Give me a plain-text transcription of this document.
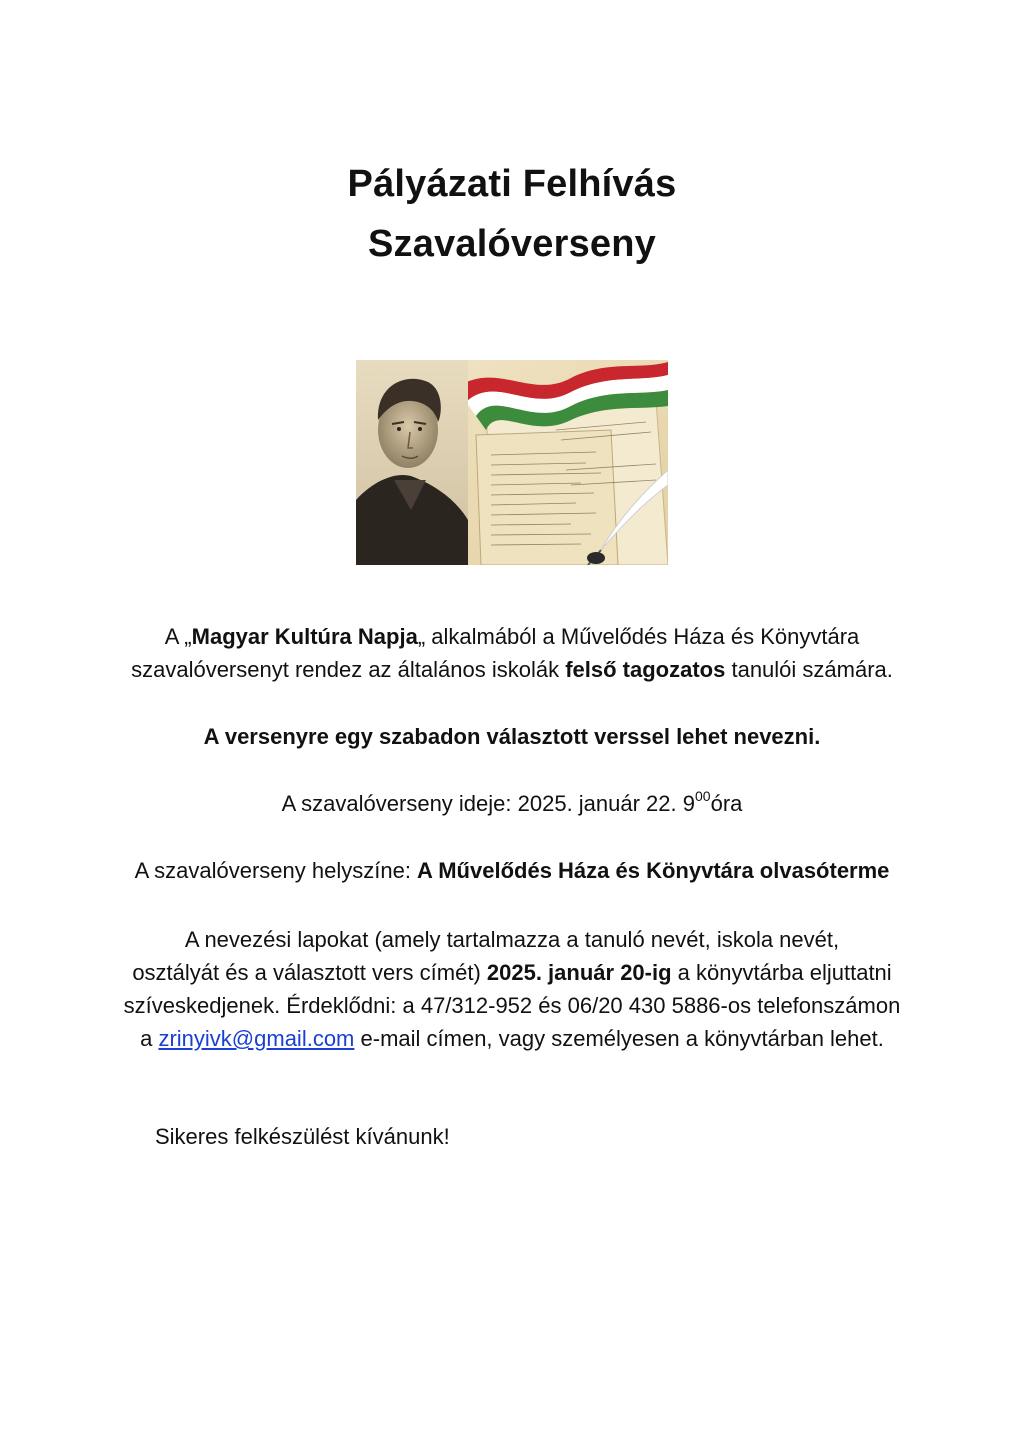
Pályázati Felhívás
Szavalóverseny

A „Magyar Kultúra Napja„ alkalmából a Művelődés Háza és Könyvtára
szavalóversenyt rendez az általános iskolák felső tagozatos tanulói számára.

A versenyre egy szabadon választott verssel lehet nevezni.

A szavalóverseny ideje: 2025. január 22. $9^{00}óra$

A szavalóverseny helyszíne: A Művelődés Háza és Könyvtára olvasóterme

A nevezési lapokat (amely tartalmazza a tanuló nevét, iskola nevét,
osztályát és a választott vers címét) 2025. január 20-ig a könyvtárba eljuttatni
szíveskedjenek. Érdeklődni: a 47/312-952 és 06/20 430 5886-os telefonszámon
a zrinyivk@gmail.com e-mail címen, vagy személyesen a könyvtárban lehet.

Sikeres felkészülést kívánunk!
